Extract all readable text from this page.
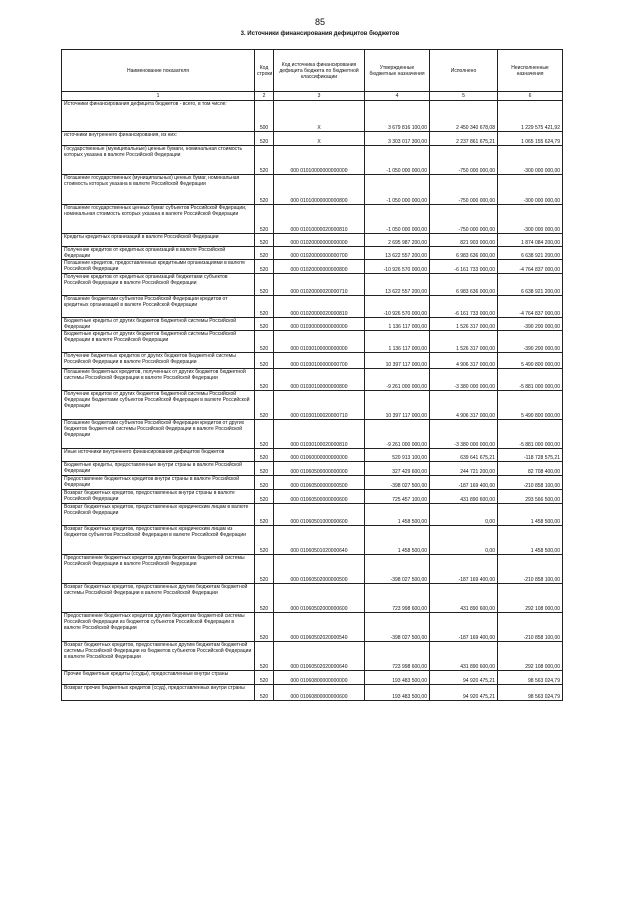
85
3. Источники финансирования дефицитов бюджетов
Наименование показателя	Код строки	Код источника финансирования дефицита бюджета по бюджетной классификации	Утвержденные бюджетные назначения	Исполнено	Неисполненные назначения
1	2	3	4	5	6
Источники финансирования дефицита бюджетов - всего, в том числе:	500	X	3 679 816 100,00	2 450 340 678,08	1 229 575 421,92
источники внутреннего финансирования, из них:	520	X	3 303 017 300,00	2 237 861 675,21	1 065 155 624,79
Государственные (муниципальные) ценные бумаги, номинальная стоимость которых указана в валюте Российской Федерации	520	000 01010000000000000	-1 050 000 000,00	-750 000 000,00	-300 000 000,00
Погашение государственных (муниципальных) ценных бумаг, номинальная стоимость которых указана в валюте Российской Федерации	520	000 01010000000000800	-1 050 000 000,00	-750 000 000,00	-300 000 000,00
Погашение государственных ценных бумаг субъектов Российской Федерации, номинальная стоимость которых указана в валюте Российской Федерации	520	000 01010000020000810	-1 050 000 000,00	-750 000 000,00	-300 000 000,00
Кредиты кредитных организаций в валюте Российской Федерации	520	000 01020000000000000	2 695 987 200,00	821 903 000,00	1 874 084 200,00
Получение кредитов от кредитных организаций в валюте Российской Федерации	520	000 01020000000000700	13 622 557 200,00	6 983 636 000,00	6 638 921 200,00
Погашение кредитов, предоставленных кредитными организациями в валюте Российской Федерации	520	000 01020000000000800	-10 926 570 000,00	-6 161 733 000,00	-4 764 837 000,00
Получение кредитов от кредитных организаций бюджетами субъектов Российской Федерации в валюте Российской Федерации	520	000 01020000020000710	13 622 557 200,00	6 983 636 000,00	6 638 921 200,00
Погашение бюджетами субъектов Российской Федерации кредитов от кредитных организаций в валюте Российской Федерации	520	000 01020000020000810	-10 926 570 000,00	-6 161 733 000,00	-4 764 837 000,00
Бюджетные кредиты от других бюджетов бюджетной системы Российской Федерации	520	000 01030000000000000	1 136 117 000,00	1 526 317 000,00	-390 200 000,00
Бюджетные кредиты от других бюджетов бюджетной системы Российской Федерации в валюте Российской Федерации	520	000 01030100000000000	1 136 117 000,00	1 526 317 000,00	-390 200 000,00
Получение бюджетных кредитов от других бюджетов бюджетной системы Российской Федерации в валюте Российской Федерации	520	000 01030100000000700	10 397 117 000,00	4 906 317 000,00	5 490 800 000,00
Погашение бюджетных кредитов, полученных от других бюджетов бюджетной системы Российской Федерации в валюте Российской Федерации	520	000 01030100000000800	-9 261 000 000,00	-3 380 000 000,00	-5 881 000 000,00
Получение кредитов от других бюджетов бюджетной системы Российской Федерации бюджетами субъектов Российской Федерации в валюте Российской Федерации	520	000 01030100020000710	10 397 117 000,00	4 906 317 000,00	5 490 800 000,00
Погашение бюджетами субъектов Российской Федерации кредитов от других бюджетов бюджетной системы Российской Федерации в валюте Российской Федерации	520	000 01030100020000810	-9 261 000 000,00	-3 380 000 000,00	-5 881 000 000,00
Иные источники внутреннего финансирования дефицитов бюджетов	520	000 01060000000000000	520 913 100,00	639 641 675,21	-118 728 575,21
Бюджетные кредиты, предоставленные внутри страны в валюте Российской Федерации	520	000 01060500000000000	327 429 600,00	244 721 200,00	82 708 400,00
Предоставление бюджетных кредитов внутри страны в валюте Российской Федерации	520	000 01060500000000500	-398 027 500,00	-187 169 400,00	-210 858 100,00
Возврат бюджетных кредитов, предоставленных внутри страны в валюте Российской Федерации	520	000 01060500000000600	725 457 100,00	431 890 600,00	293 566 500,00
Возврат бюджетных кредитов, предоставленных юридическим лицам в валюте Российской Федерации	520	000 01060501000000600	1 458 500,00	0,00	1 458 500,00
Возврат бюджетных кредитов, предоставленных юридическим лицам из бюджетов субъектов Российской Федерации в валюте Российской Федерации	520	000 01060501020000640	1 458 500,00	0,00	1 458 500,00
Предоставление бюджетных кредитов другим бюджетам бюджетной системы Российской Федерации в валюте Российской Федерации	520	000 01060502000000500	-398 027 500,00	-187 169 400,00	-210 858 100,00
Возврат бюджетных кредитов, предоставленных другим бюджетам бюджетной системы Российской Федерации в валюте Российской Федерации	520	000 01060502000000600	723 998 600,00	431 890 600,00	292 108 000,00
Предоставление бюджетных кредитов другим бюджетам бюджетной системы Российской Федерации из бюджетов субъектов Российской Федерации в валюте Российской Федерации	520	000 01060502020000540	-398 027 500,00	-187 169 400,00	-210 858 100,00
Возврат бюджетных кредитов, предоставленных другим бюджетам бюджетной системы Российской Федерации из бюджетов субъектов Российской Федерации в валюте Российской Федерации	520	000 01060502020000640	723 998 600,00	431 890 600,00	292 108 000,00
Прочие бюджетные кредиты (ссуды), предоставленные внутри страны	520	000 01060800000000000	193 483 500,00	94 920 475,21	98 563 024,79
Возврат прочих бюджетных кредитов (ссуд), предоставленных внутри страны	520	000 01060800000000600	193 483 500,00	94 920 475,21	98 563 024,79
